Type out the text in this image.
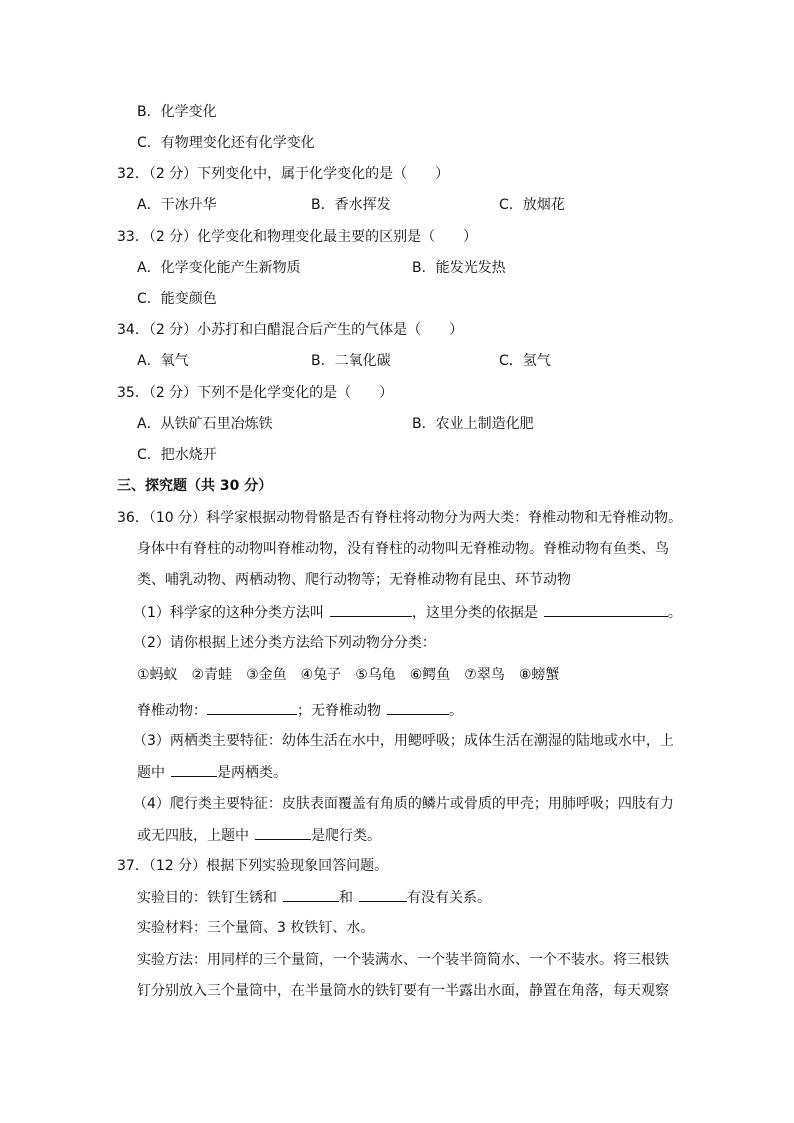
B．化学变化
C．有物理变化还有化学变化
32．（2 分）下列变化中，属于化学变化的是（　　）
A．干冰升华	B．香水挥发	C．放烟花
33．（2 分）化学变化和物理变化最主要的区别是（　　）
A．化学变化能产生新物质	B．能发光发热
C．能变颜色
34．（2 分）小苏打和白醋混合后产生的气体是（　　）
A．氧气	B．二氧化碳	C．氢气
35．（2 分）下列不是化学变化的是（　　）
A．从铁矿石里冶炼铁	B．农业上制造化肥
C．把水烧开
三、探究题（共 30 分）
36．（10 分）科学家根据动物骨骼是否有脊柱将动物分为两大类：脊椎动物和无脊椎动物。
身体中有脊柱的动物叫脊椎动物，没有脊柱的动物叫无脊椎动物。脊椎动物有鱼类、鸟
类、哺乳动物、两栖动物、爬行动物等；无脊椎动物有昆虫、环节动物
（1）科学家的这种分类方法叫	，这里分类的依据是	。
（2）请你根据上述分类方法给下列动物分分类：
①蚂蚁　②青蛙　③金鱼　④兔子　⑤乌龟　⑥鳄鱼　⑦翠鸟　⑧螃蟹
脊椎动物：	；无脊椎动物	。
（3）两栖类主要特征：幼体生活在水中，用鳃呼吸；成体生活在潮湿的陆地或水中，上
题中	是两栖类。
（4）爬行类主要特征：皮肤表面覆盖有角质的鳞片或骨质的甲壳；用肺呼吸；四肢有力
或无四肢，上题中	是爬行类。
37．（12 分）根据下列实验现象回答问题。
实验目的：铁钉生锈和	和	有没有关系。
实验材料：三个量筒、3 枚铁钉、水。
实验方法：用同样的三个量筒，一个装满水、一个装半筒简水、一个不装水。将三根铁
钉分别放入三个量筒中，在半量筒水的铁钉要有一半露出水面，静置在角落，每天观察
